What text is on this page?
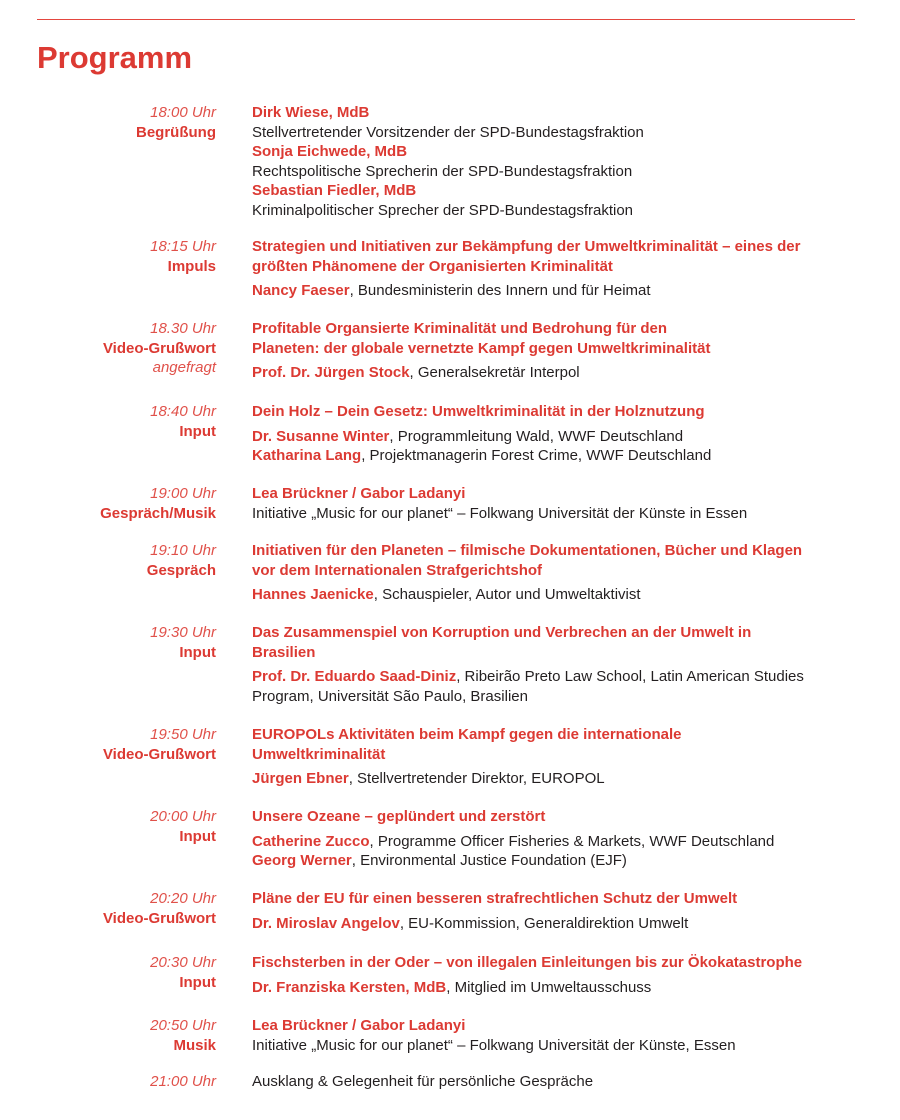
Programm
18:00 Uhr
Begrüßung
Dirk Wiese, MdB
Stellvertretender Vorsitzender der SPD-Bundestagsfraktion
Sonja Eichwede, MdB
Rechtspolitische Sprecherin der SPD-Bundestagsfraktion
Sebastian Fiedler, MdB
Kriminalpolitischer Sprecher der SPD-Bundestagsfraktion
18:15 Uhr
Impuls
Strategien und Initiativen zur Bekämpfung der Umweltkriminalität – eines der
größten Phänomene der Organisierten Kriminalität
Nancy Faeser, Bundesministerin des Innern und für Heimat
18.30 Uhr
Video-Grußwort
angefragt
Profitable Organsierte Kriminalität und Bedrohung für den
Planeten: der globale vernetzte Kampf gegen Umweltkriminalität
Prof. Dr. Jürgen Stock, Generalsekretär Interpol
18:40 Uhr
Input
Dein Holz – Dein Gesetz: Umweltkriminalität in der Holznutzung
Dr. Susanne Winter, Programmleitung Wald, WWF Deutschland
Katharina Lang, Projektmanagerin Forest Crime, WWF Deutschland
19:00 Uhr
Gespräch/Musik
Lea Brückner / Gabor Ladanyi
Initiative „Music for our planet“ – Folkwang Universität der Künste in Essen
19:10 Uhr
Gespräch
Initiativen für den Planeten – filmische Dokumentationen, Bücher und Klagen
vor dem Internationalen Strafgerichtshof
Hannes Jaenicke, Schauspieler, Autor und Umweltaktivist
19:30 Uhr
Input
Das Zusammenspiel von Korruption und Verbrechen an der Umwelt in
Brasilien
Prof. Dr. Eduardo Saad-Diniz, Ribeirão Preto Law School, Latin American Studies Program, Universität São Paulo, Brasilien
19:50 Uhr
Video-Grußwort
EUROPOLs Aktivitäten beim Kampf gegen die internationale
Umweltkriminalität
Jürgen Ebner, Stellvertretender Direktor, EUROPOL
20:00 Uhr
Input
Unsere Ozeane – geplündert und zerstört
Catherine Zucco, Programme Officer Fisheries & Markets, WWF Deutschland
Georg Werner, Environmental Justice Foundation (EJF)
20:20 Uhr
Video-Grußwort
Pläne der EU für einen besseren strafrechtlichen Schutz der Umwelt
Dr. Miroslav Angelov, EU-Kommission, Generaldirektion Umwelt
20:30 Uhr
Input
Fischsterben in der Oder – von illegalen Einleitungen bis zur Ökokatastrophe
Dr. Franziska Kersten, MdB, Mitglied im Umweltausschuss
20:50 Uhr
Musik
Lea Brückner / Gabor Ladanyi
Initiative „Music for our planet“ – Folkwang Universität der Künste, Essen
21:00 Uhr Ausklang & Gelegenheit für persönliche Gespräche
